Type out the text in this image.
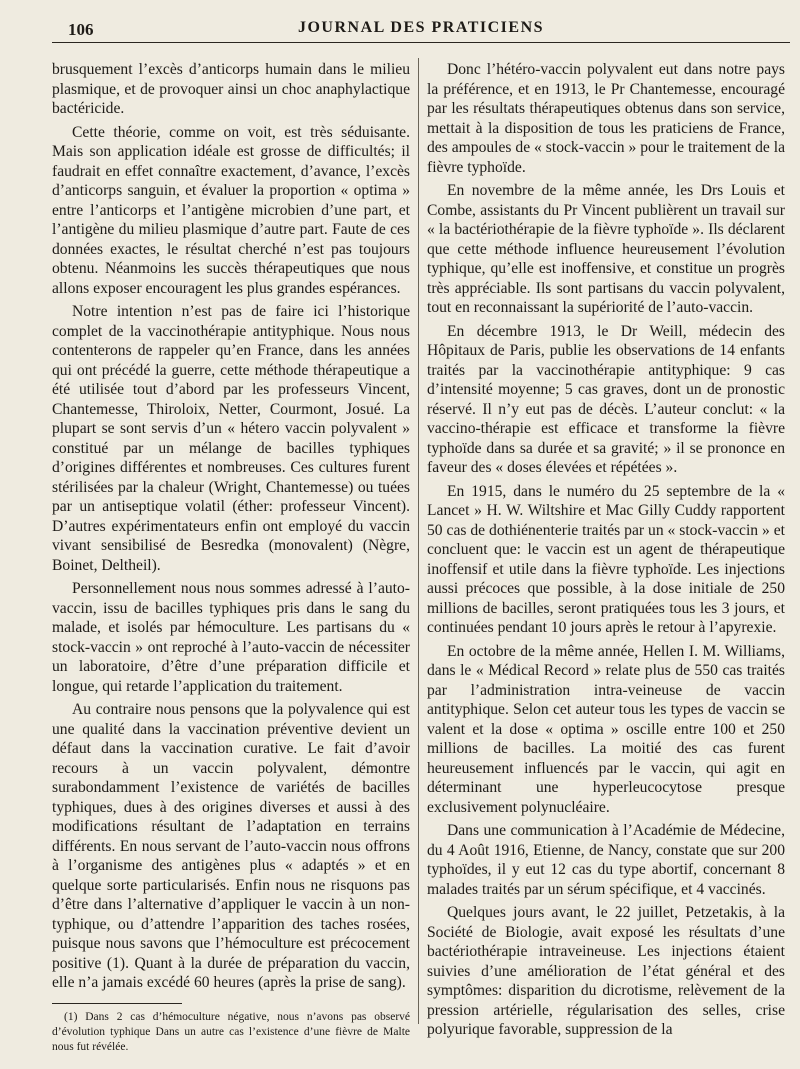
106	JOURNAL DES PRATICIENS

brusquement l’excès d’anticorps humain dans le milieu plasmique, et de provoquer ainsi un choc anaphylactique bactéricide.

Cette théorie, comme on voit, est très séduisante. Mais son application idéale est grosse de difficultés; il faudrait en effet connaître exactement, d’avance, l’excès d’anticorps sanguin, et évaluer la proportion « optima » entre l’anticorps et l’antigène microbien d’une part, et l’antigène du milieu plasmique d’autre part. Faute de ces données exactes, le résultat cherché n’est pas toujours obtenu. Néanmoins les succès thérapeutiques que nous allons exposer encouragent les plus grandes espérances.

Notre intention n’est pas de faire ici l’historique complet de la vaccinothérapie antityphique. Nous nous contenterons de rappeler qu’en France, dans les années qui ont précédé la guerre, cette méthode thérapeutique a été utilisée tout d’abord par les professeurs Vincent, Chantemesse, Thiroloix, Netter, Courmont, Josué. La plupart se sont servis d’un « hétero vaccin polyvalent » constitué par un mélange de bacilles typhiques d’origines différentes et nombreuses. Ces cultures furent stérilisées par la chaleur (Wright, Chantemesse) ou tuées par un antiseptique volatil (éther: professeur Vincent). D’autres expérimentateurs enfin ont employé du vaccin vivant sensibilisé de Besredka (monovalent) (Nègre, Boinet, Deltheil).

Personnellement nous nous sommes adressé à l’auto-vaccin, issu de bacilles typhiques pris dans le sang du malade, et isolés par hémoculture. Les partisans du « stock-vaccin » ont reproché à l’auto-vaccin de nécessiter un laboratoire, d’être d’une préparation difficile et longue, qui retarde l’application du traitement.

Au contraire nous pensons que la polyvalence qui est une qualité dans la vaccination préventive devient un défaut dans la vaccination curative. Le fait d’avoir recours à un vaccin polyvalent, démontre surabondamment l’existence de variétés de bacilles typhiques, dues à des origines diverses et aussi à des modifications résultant de l’adaptation en terrains différents. En nous servant de l’auto-vaccin nous offrons à l’organisme des antigènes plus « adaptés » et en quelque sorte particularisés. Enfin nous ne risquons pas d’être dans l’alternative d’appliquer le vaccin à un non-typhique, ou d’attendre l’apparition des taches rosées, puisque nous savons que l’hémoculture est précocement positive (1). Quant à la durée de préparation du vaccin, elle n’a jamais excédé 60 heures (après la prise de sang).

(1) Dans 2 cas d’hémoculture négative, nous n’avons pas observé d’évolution typhique Dans un autre cas l’existence d’une fièvre de Malte nous fut révélée.

Donc l’hétéro-vaccin polyvalent eut dans notre pays la préférence, et en 1913, le Pr Chantemesse, encouragé par les résultats thérapeutiques obtenus dans son service, mettait à la disposition de tous les praticiens de France, des ampoules de « stock-vaccin » pour le traitement de la fièvre typhoïde.

En novembre de la même année, les Drs Louis et Combe, assistants du Pr Vincent publièrent un travail sur « la bactériothérapie de la fièvre typhoïde ». Ils déclarent que cette méthode influence heureusement l’évolution typhique, qu’elle est inoffensive, et constitue un progrès très appréciable. Ils sont partisans du vaccin polyvalent, tout en reconnaissant la supériorité de l’auto-vaccin.

En décembre 1913, le Dr Weill, médecin des Hôpitaux de Paris, publie les observations de 14 enfants traités par la vaccinothérapie antityphique: 9 cas d’intensité moyenne; 5 cas graves, dont un de pronostic réservé. Il n’y eut pas de décès. L’auteur conclut: « la vaccino-thérapie est efficace et transforme la fièvre typhoïde dans sa durée et sa gravité; » il se prononce en faveur des « doses élevées et répétées ».

En 1915, dans le numéro du 25 septembre de la « Lancet » H. W. Wiltshire et Mac Gilly Cuddy rapportent 50 cas de dothiénenterie traités par un « stock-vaccin » et concluent que: le vaccin est un agent de thérapeutique inoffensif et utile dans la fièvre typhoïde. Les injections aussi précoces que possible, à la dose initiale de 250 millions de bacilles, seront pratiquées tous les 3 jours, et continuées pendant 10 jours après le retour à l’apyrexie.

En octobre de la même année, Hellen I. M. Williams, dans le « Médical Record » relate plus de 550 cas traités par l’administration intra-veineuse de vaccin antityphique. Selon cet auteur tous les types de vaccin se valent et la dose « optima » oscille entre 100 et 250 millions de bacilles. La moitié des cas furent heureusement influencés par le vaccin, qui agit en déterminant une hyperleucocytose presque exclusivement polynucléaire.

Dans une communication à l’Académie de Médecine, du 4 Août 1916, Etienne, de Nancy, constate que sur 200 typhoïdes, il y eut 12 cas du type abortif, concernant 8 malades traités par un sérum spécifique, et 4 vaccinés.

Quelques jours avant, le 22 juillet, Petzetakis, à la Société de Biologie, avait exposé les résultats d’une bactériothérapie intraveineuse. Les injections étaient suivies d’une amélioration de l’état général et des symptômes: disparition du dicrotisme, relèvement de la pression artérielle, régularisation des selles, crise polyurique favorable, suppression de la
